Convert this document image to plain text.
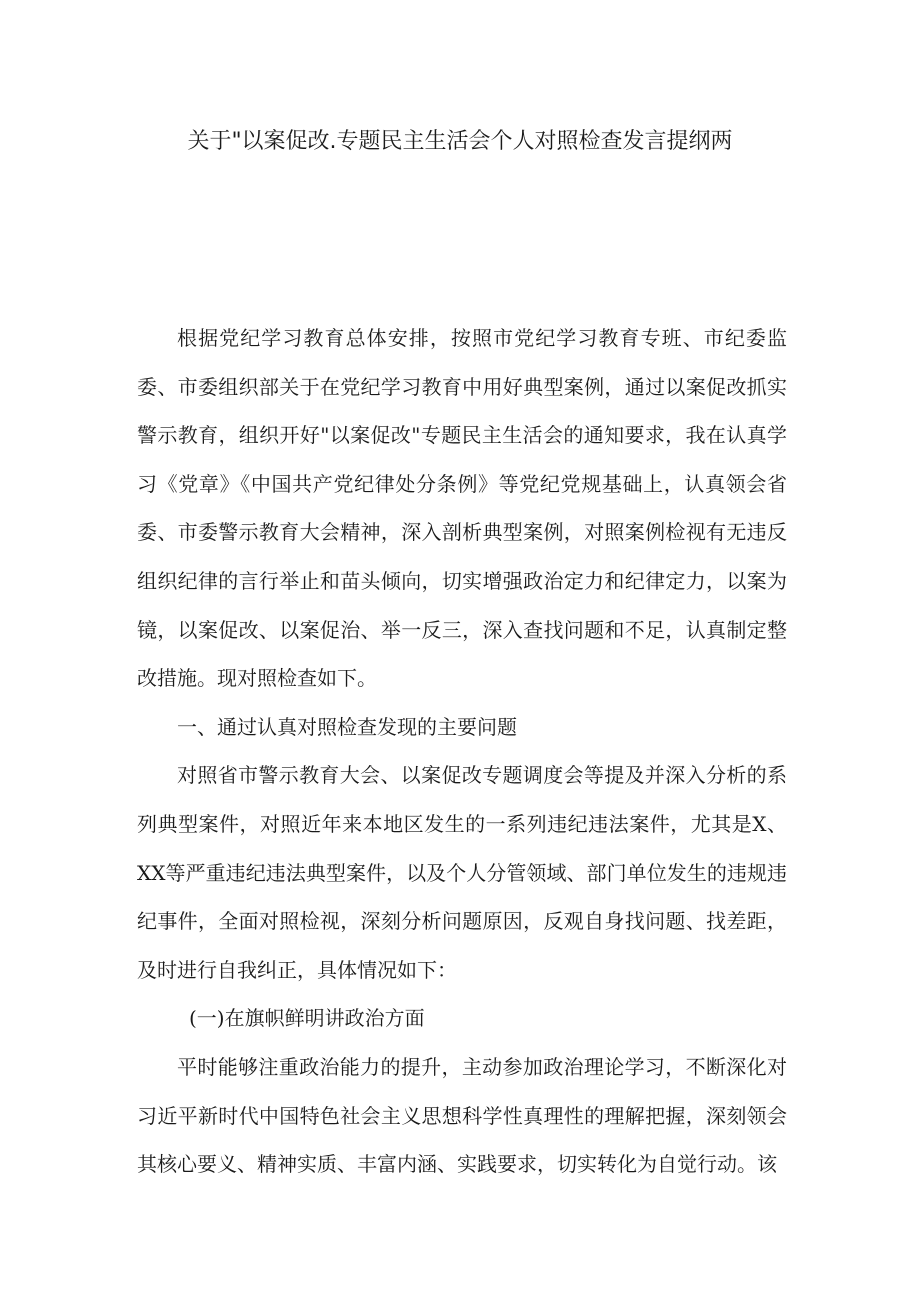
关于"以案促改.专题民主生活会个人对照检查发言提纲两

根据党纪学习教育总体安排，按照市党纪学习教育专班、市纪委监委、市委组织部关于在党纪学习教育中用好典型案例，通过以案促改抓实警示教育，组织开好"以案促改"专题民主生活会的通知要求，我在认真学习《党章》《中国共产党纪律处分条例》等党纪党规基础上，认真领会省委、市委警示教育大会精神，深入剖析典型案例，对照案例检视有无违反组织纪律的言行举止和苗头倾向，切实增强政治定力和纪律定力，以案为镜，以案促改、以案促治、举一反三，深入查找问题和不足，认真制定整改措施。现对照检查如下。

一、通过认真对照检查发现的主要问题

对照省市警示教育大会、以案促改专题调度会等提及并深入分析的系列典型案件，对照近年来本地区发生的一系列违纪违法案件，尤其是X、XX等严重违纪违法典型案件，以及个人分管领域、部门单位发生的违规违纪事件，全面对照检视，深刻分析问题原因，反观自身找问题、找差距，及时进行自我纠正，具体情况如下：

(一)在旗帜鲜明讲政治方面

平时能够注重政治能力的提升，主动参加政治理论学习，不断深化对习近平新时代中国特色社会主义思想科学性真理性的理解把握，深刻领会其核心要义、精神实质、丰富内涵、实践要求，切实转化为自觉行动。该
